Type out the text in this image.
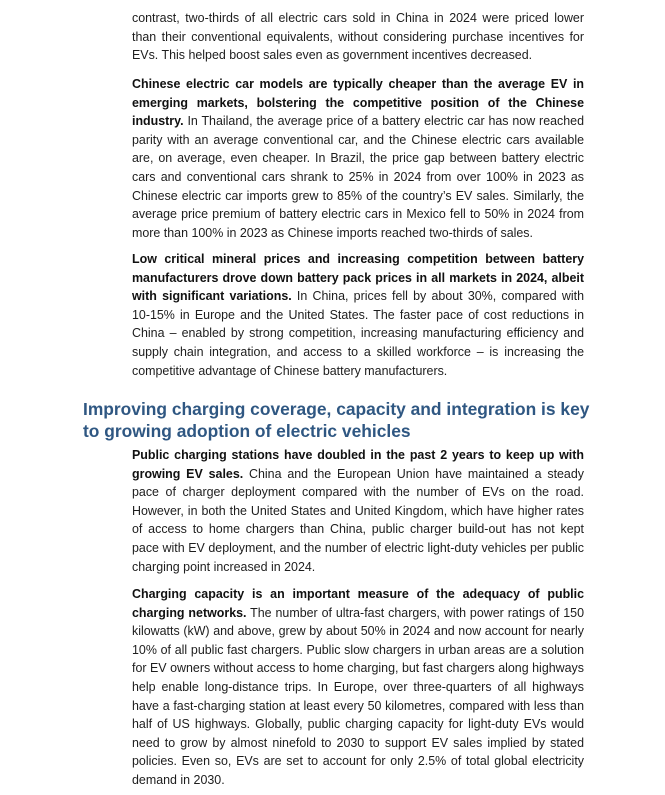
contrast, two-thirds of all electric cars sold in China in 2024 were priced lower than their conventional equivalents, without considering purchase incentives for EVs. This helped boost sales even as government incentives decreased.

Chinese electric car models are typically cheaper than the average EV in emerging markets, bolstering the competitive position of the Chinese industry. In Thailand, the average price of a battery electric car has now reached parity with an average conventional car, and the Chinese electric cars available are, on average, even cheaper. In Brazil, the price gap between battery electric cars and conventional cars shrank to 25% in 2024 from over 100% in 2023 as Chinese electric car imports grew to 85% of the country’s EV sales. Similarly, the average price premium of battery electric cars in Mexico fell to 50% in 2024 from more than 100% in 2023 as Chinese imports reached two-thirds of sales.

Low critical mineral prices and increasing competition between battery manufacturers drove down battery pack prices in all markets in 2024, albeit with significant variations. In China, prices fell by about 30%, compared with 10-15% in Europe and the United States. The faster pace of cost reductions in China – enabled by strong competition, increasing manufacturing efficiency and supply chain integration, and access to a skilled workforce – is increasing the competitive advantage of Chinese battery manufacturers.

Improving charging coverage, capacity and integration is key to growing adoption of electric vehicles

Public charging stations have doubled in the past 2 years to keep up with growing EV sales. China and the European Union have maintained a steady pace of charger deployment compared with the number of EVs on the road. However, in both the United States and United Kingdom, which have higher rates of access to home chargers than China, public charger build-out has not kept pace with EV deployment, and the number of electric light-duty vehicles per public charging point increased in 2024.

Charging capacity is an important measure of the adequacy of public charging networks. The number of ultra-fast chargers, with power ratings of 150 kilowatts (kW) and above, grew by about 50% in 2024 and now account for nearly 10% of all public fast chargers. Public slow chargers in urban areas are a solution for EV owners without access to home charging, but fast chargers along highways help enable long-distance trips. In Europe, over three-quarters of all highways have a fast-charging station at least every 50 kilometres, compared with less than half of US highways. Globally, public charging capacity for light-duty EVs would need to grow by almost ninefold to 2030 to support EV sales implied by stated policies. Even so, EVs are set to account for only 2.5% of total global electricity demand in 2030.
